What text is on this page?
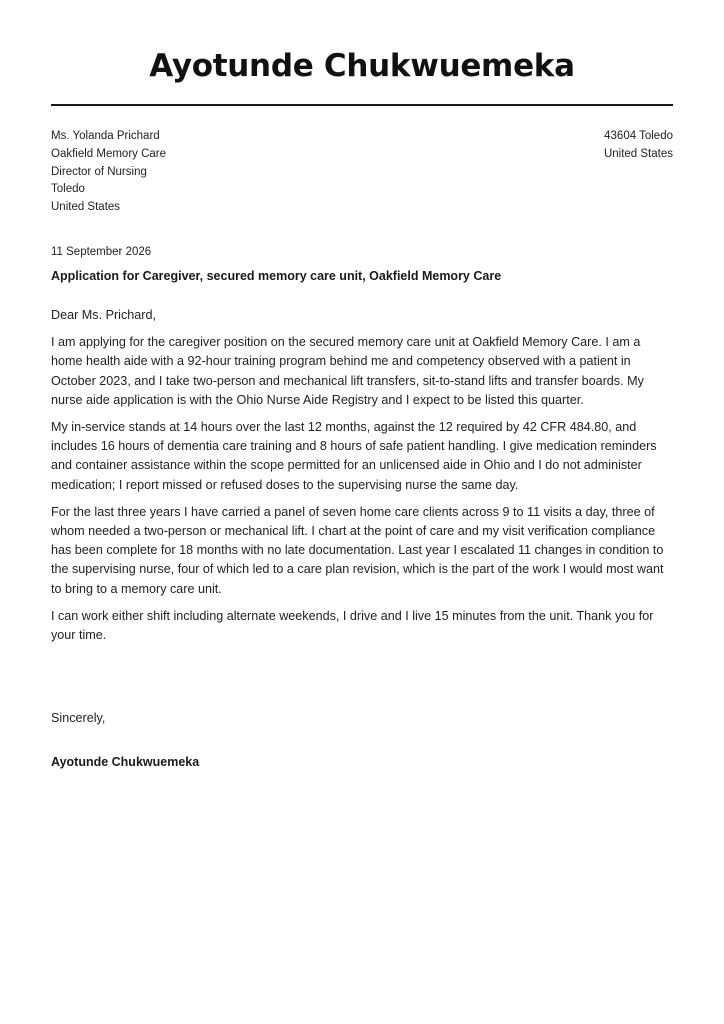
Ayotunde Chukwuemeka
Ms. Yolanda Prichard
Oakfield Memory Care
Director of Nursing
Toledo
United States
43604 Toledo
United States
11 September 2026
Application for Caregiver, secured memory care unit, Oakfield Memory Care

Dear Ms. Prichard,

I am applying for the caregiver position on the secured memory care unit at Oakfield Memory Care. I am a home health aide with a 92-hour training program behind me and competency observed with a patient in October 2023, and I take two-person and mechanical lift transfers, sit-to-stand lifts and transfer boards. My nurse aide application is with the Ohio Nurse Aide Registry and I expect to be listed this quarter.

My in-service stands at 14 hours over the last 12 months, against the 12 required by 42 CFR 484.80, and includes 16 hours of dementia care training and 8 hours of safe patient handling. I give medication reminders and container assistance within the scope permitted for an unlicensed aide in Ohio and I do not administer medication; I report missed or refused doses to the supervising nurse the same day.

For the last three years I have carried a panel of seven home care clients across 9 to 11 visits a day, three of whom needed a two-person or mechanical lift. I chart at the point of care and my visit verification compliance has been complete for 18 months with no late documentation. Last year I escalated 11 changes in condition to the supervising nurse, four of which led to a care plan revision, which is the part of the work I would most want to bring to a memory care unit.

I can work either shift including alternate weekends, I drive and I live 15 minutes from the unit. Thank you for your time.

Sincerely,
Ayotunde Chukwuemeka
